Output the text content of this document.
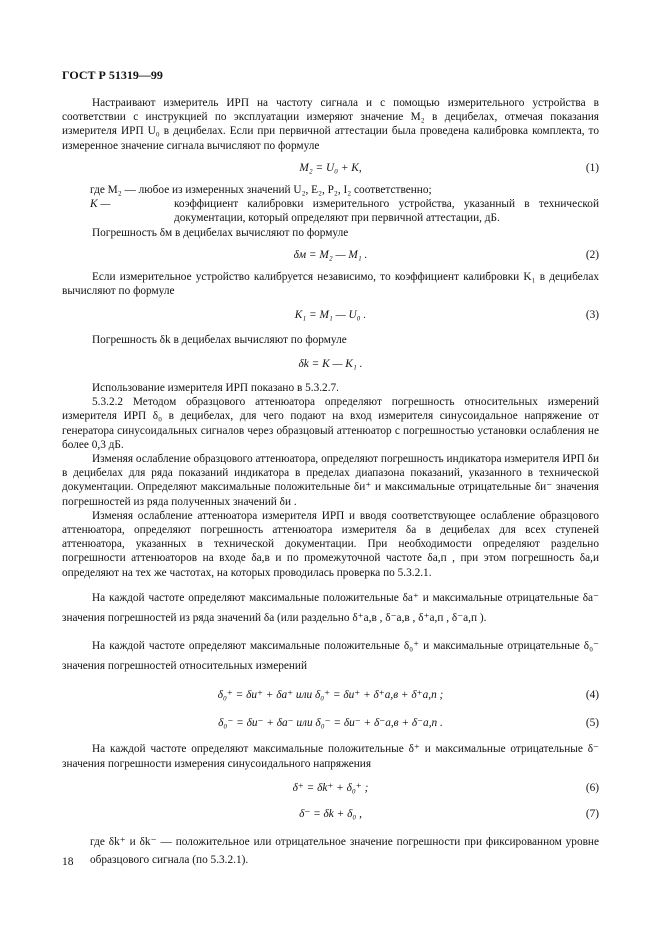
ГОСТ Р 51319—99

Настраивают измеритель ИРП на частоту сигнала и с помощью измерительного устройства в соответствии с инструкцией по эксплуатации измеряют значение M₂ в децибелах, отмечая показания измерителя ИРП U₀ в децибелах. Если при первичной аттестации была проведена калибровка комплекта, то измеренное значение сигнала вычисляют по формуле

M₂ = U₀ + K,	(1)

где M₂ — любое из измеренных значений U₂, E₂, P₂, I₂ соответственно;

K —	коэффициент калибровки измерительного устройства, указанный в технической документации, который определяют при первичной аттестации, дБ.

Погрешность δм в децибелах вычисляют по формуле

δм = M₂ — M₁ .	(2)

Если измерительное устройство калибруется независимо, то коэффициент калибровки K₁ в децибелах вычисляют по формуле

K₁ = M₁ — U₀ .	(3)

Погрешность δk в децибелах вычисляют по формуле

δk = K — K₁ .

Использование измерителя ИРП показано в 5.3.2.7.

5.3.2.2 Методом образцового аттенюатора определяют погрешность относительных измерений измерителя ИРП δ₀ в децибелах, для чего подают на вход измерителя синусоидальное напряжение от генератора синусоидальных сигналов через образцовый аттенюатор с погрешностью установки ослабления не более 0,3 дБ.

Изменяя ослабление образцового аттенюатора, определяют погрешность индикатора измерителя ИРП δи в децибелах для ряда показаний индикатора в пределах диапазона показаний, указанного в технической документации. Определяют максимальные положительные δи⁺ и максимальные отрицательные δи⁻ значения погрешностей из ряда полученных значений δи .

Изменяя ослабление аттенюатора измерителя ИРП и вводя соответствующее ослабление образцового аттенюатора, определяют погрешность аттенюатора измерителя δа в децибелах для всех ступеней аттенюатора, указанных в технической документации. При необходимости определяют раздельно погрешности аттенюаторов на входе δа,в и по промежуточной частоте δа,п , при этом погрешность δа,и определяют на тех же частотах, на которых проводилась проверка по 5.3.2.1.

На каждой частоте определяют максимальные положительные δа⁺ и максимальные отрицательные δа⁻ значения погрешностей из ряда значений δа (или раздельно δ⁺а,в , δ⁻а,в , δ⁺а,п , δ⁻а,п ).

На каждой частоте определяют максимальные положительные δ₀⁺ и максимальные отрицательные δ₀⁻ значения погрешностей относительных измерений

δ₀⁺ = δи⁺ + δа⁺ или δ₀⁺ = δи⁺ + δ⁺а,в + δ⁺а,п ;	(4)
δ₀⁻ = δи⁻ + δа⁻ или δ₀⁻ = δи⁻ + δ⁻а,в + δ⁻а,п .	(5)

На каждой частоте определяют максимальные положительные δ⁺ и максимальные отрицательные δ⁻ значения погрешности измерения синусоидального напряжения

δ⁺ = δk⁺ + δ₀⁺ ;	(6)
δ⁻ = δk + δ₀ ,	(7)

где δk⁺ и δk⁻ — положительное или отрицательное значение погрешности при фиксированном уровне образцового сигнала (по 5.3.2.1).

18
